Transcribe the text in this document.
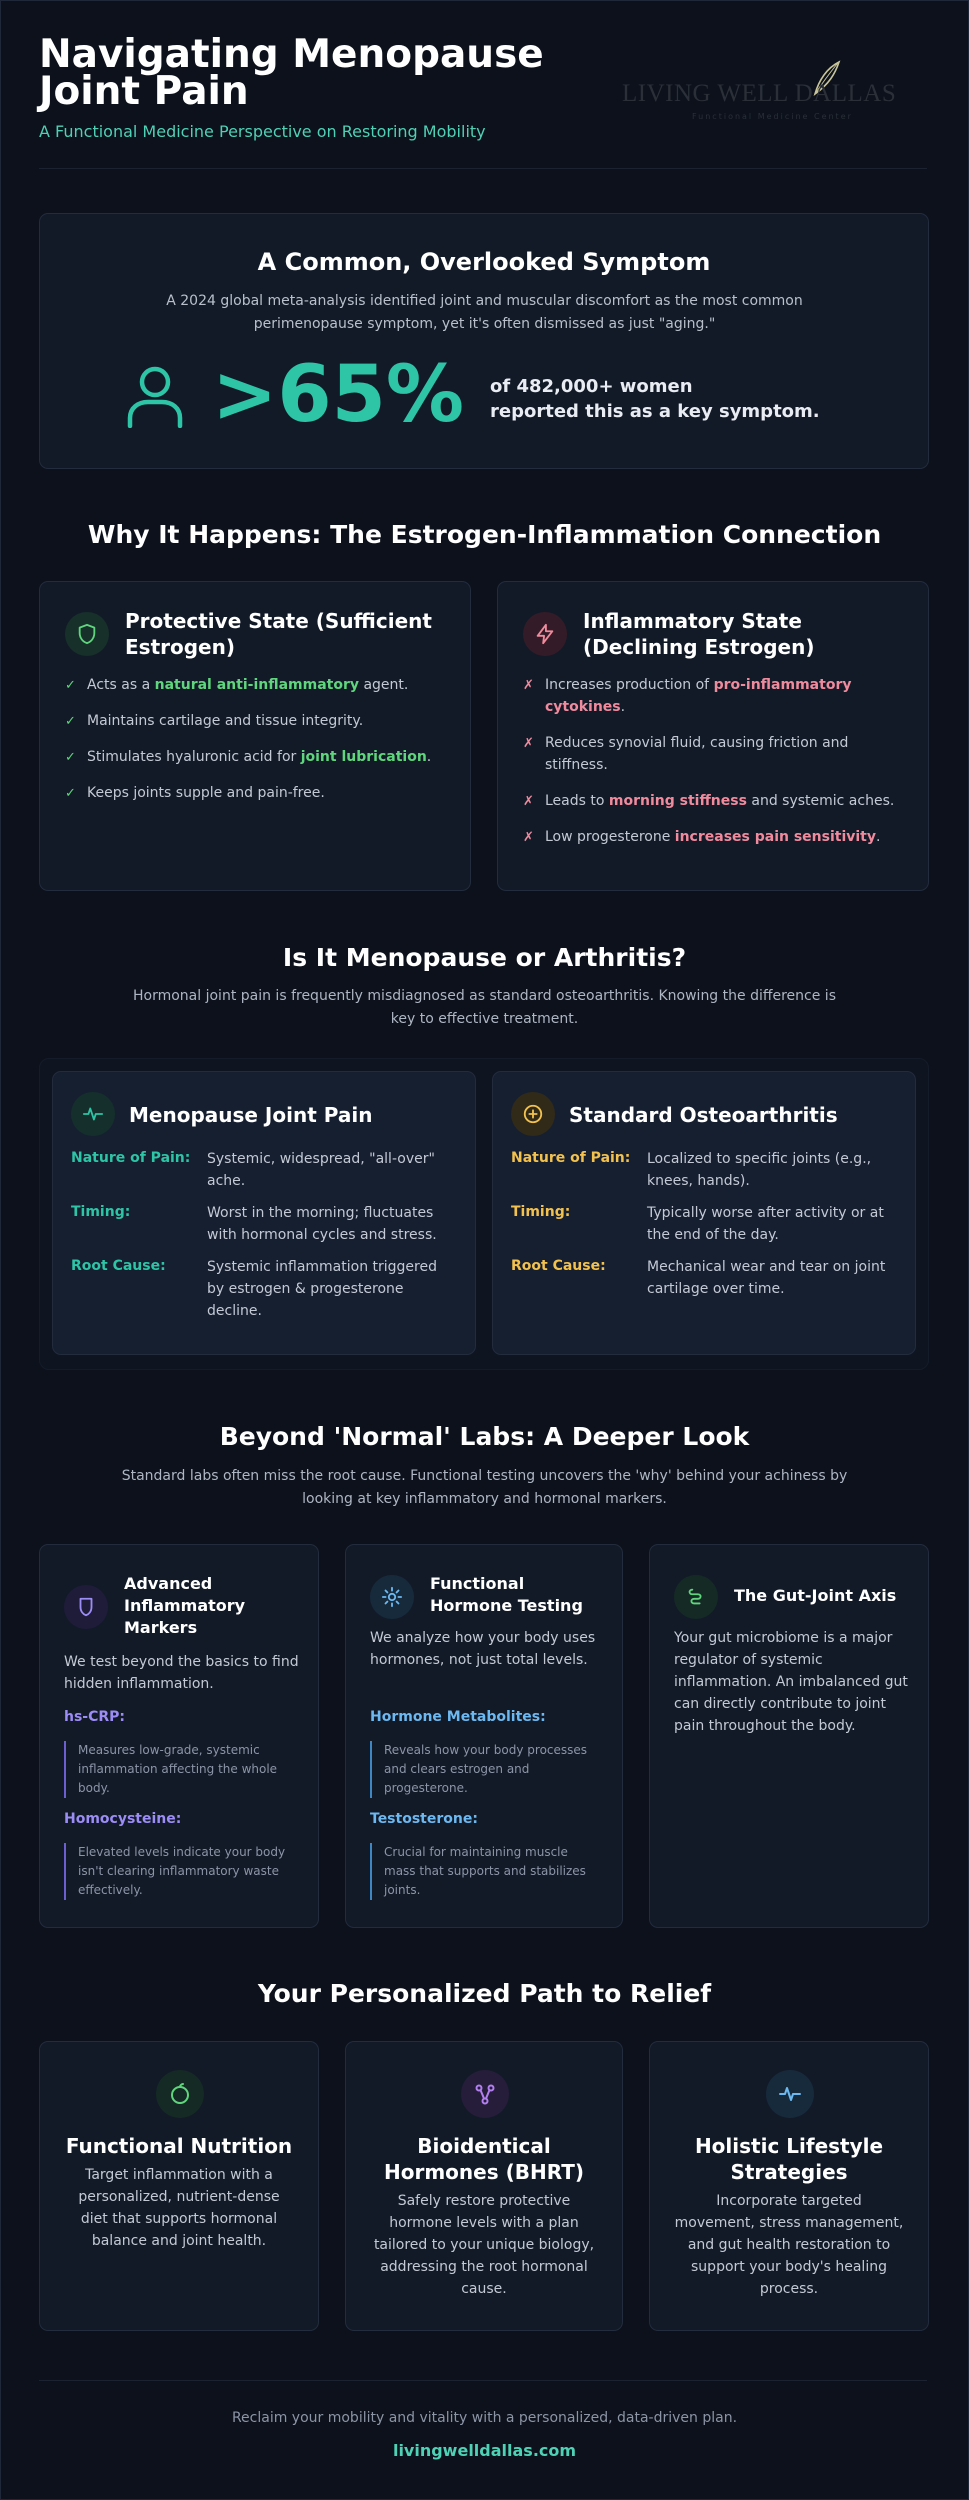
Navigating Menopause
Joint Pain
A Functional Medicine Perspective on Restoring Mobility
LIVING WELL DALLAS
Functional Medicine Center
A Common, Overlooked Symptom
A 2024 global meta-analysis identified joint and muscular discomfort as the most common perimenopause symptom, yet it's often dismissed as just "aging."
>65% of 482,000+ women
reported this as a key symptom.
Why It Happens: The Estrogen-Inflammation Connection
Protective State (Sufficient
Estrogen)
✓ Acts as a natural anti-inflammatory agent.
✓ Maintains cartilage and tissue integrity.
✓ Stimulates hyaluronic acid for joint lubrication.
✓ Keeps joints supple and pain-free.
Inflammatory State
(Declining Estrogen)
✗ Increases production of pro-inflammatory cytokines.
✗ Reduces synovial fluid, causing friction and stiffness.
✗ Leads to morning stiffness and systemic aches.
✗ Low progesterone increases pain sensitivity.
Is It Menopause or Arthritis?
Hormonal joint pain is frequently misdiagnosed as standard osteoarthritis. Knowing the difference is key to effective treatment.
Menopause Joint Pain
Nature of Pain: Systemic, widespread, "all-over" ache.
Timing:	Worst in the morning; fluctuates with hormonal cycles and stress.
Root Cause:	Systemic inflammation triggered by estrogen & progesterone decline.
Standard Osteoarthritis
Nature of Pain: Localized to specific joints (e.g., knees, hands).
Timing:	Typically worse after activity or at the end of the day.
Root Cause:	Mechanical wear and tear on joint cartilage over time.
Beyond 'Normal' Labs: A Deeper Look
Standard labs often miss the root cause. Functional testing uncovers the 'why' behind your achiness by looking at key inflammatory and hormonal markers.
Advanced Inflammatory Markers
We test beyond the basics to find hidden inflammation.
hs-CRP:
Measures low-grade, systemic inflammation affecting the whole body.
Homocysteine:
Elevated levels indicate your body isn't clearing inflammatory waste effectively.
Functional Hormone Testing
We analyze how your body uses hormones, not just total levels.
Hormone Metabolites:
Reveals how your body processes and clears estrogen and progesterone.
Testosterone:
Crucial for maintaining muscle mass that supports and stabilizes joints.
The Gut-Joint Axis
Your gut microbiome is a major regulator of systemic inflammation. An imbalanced gut can directly contribute to joint pain throughout the body.
Your Personalized Path to Relief
Functional Nutrition
Target inflammation with a personalized, nutrient-dense diet that supports hormonal balance and joint health.
Bioidentical Hormones (BHRT)
Safely restore protective hormone levels with a plan tailored to your unique biology, addressing the root hormonal cause.
Holistic Lifestyle Strategies
Incorporate targeted movement, stress management, and gut health restoration to support your body's healing process.
Reclaim your mobility and vitality with a personalized, data-driven plan.
livingwelldallas.com
